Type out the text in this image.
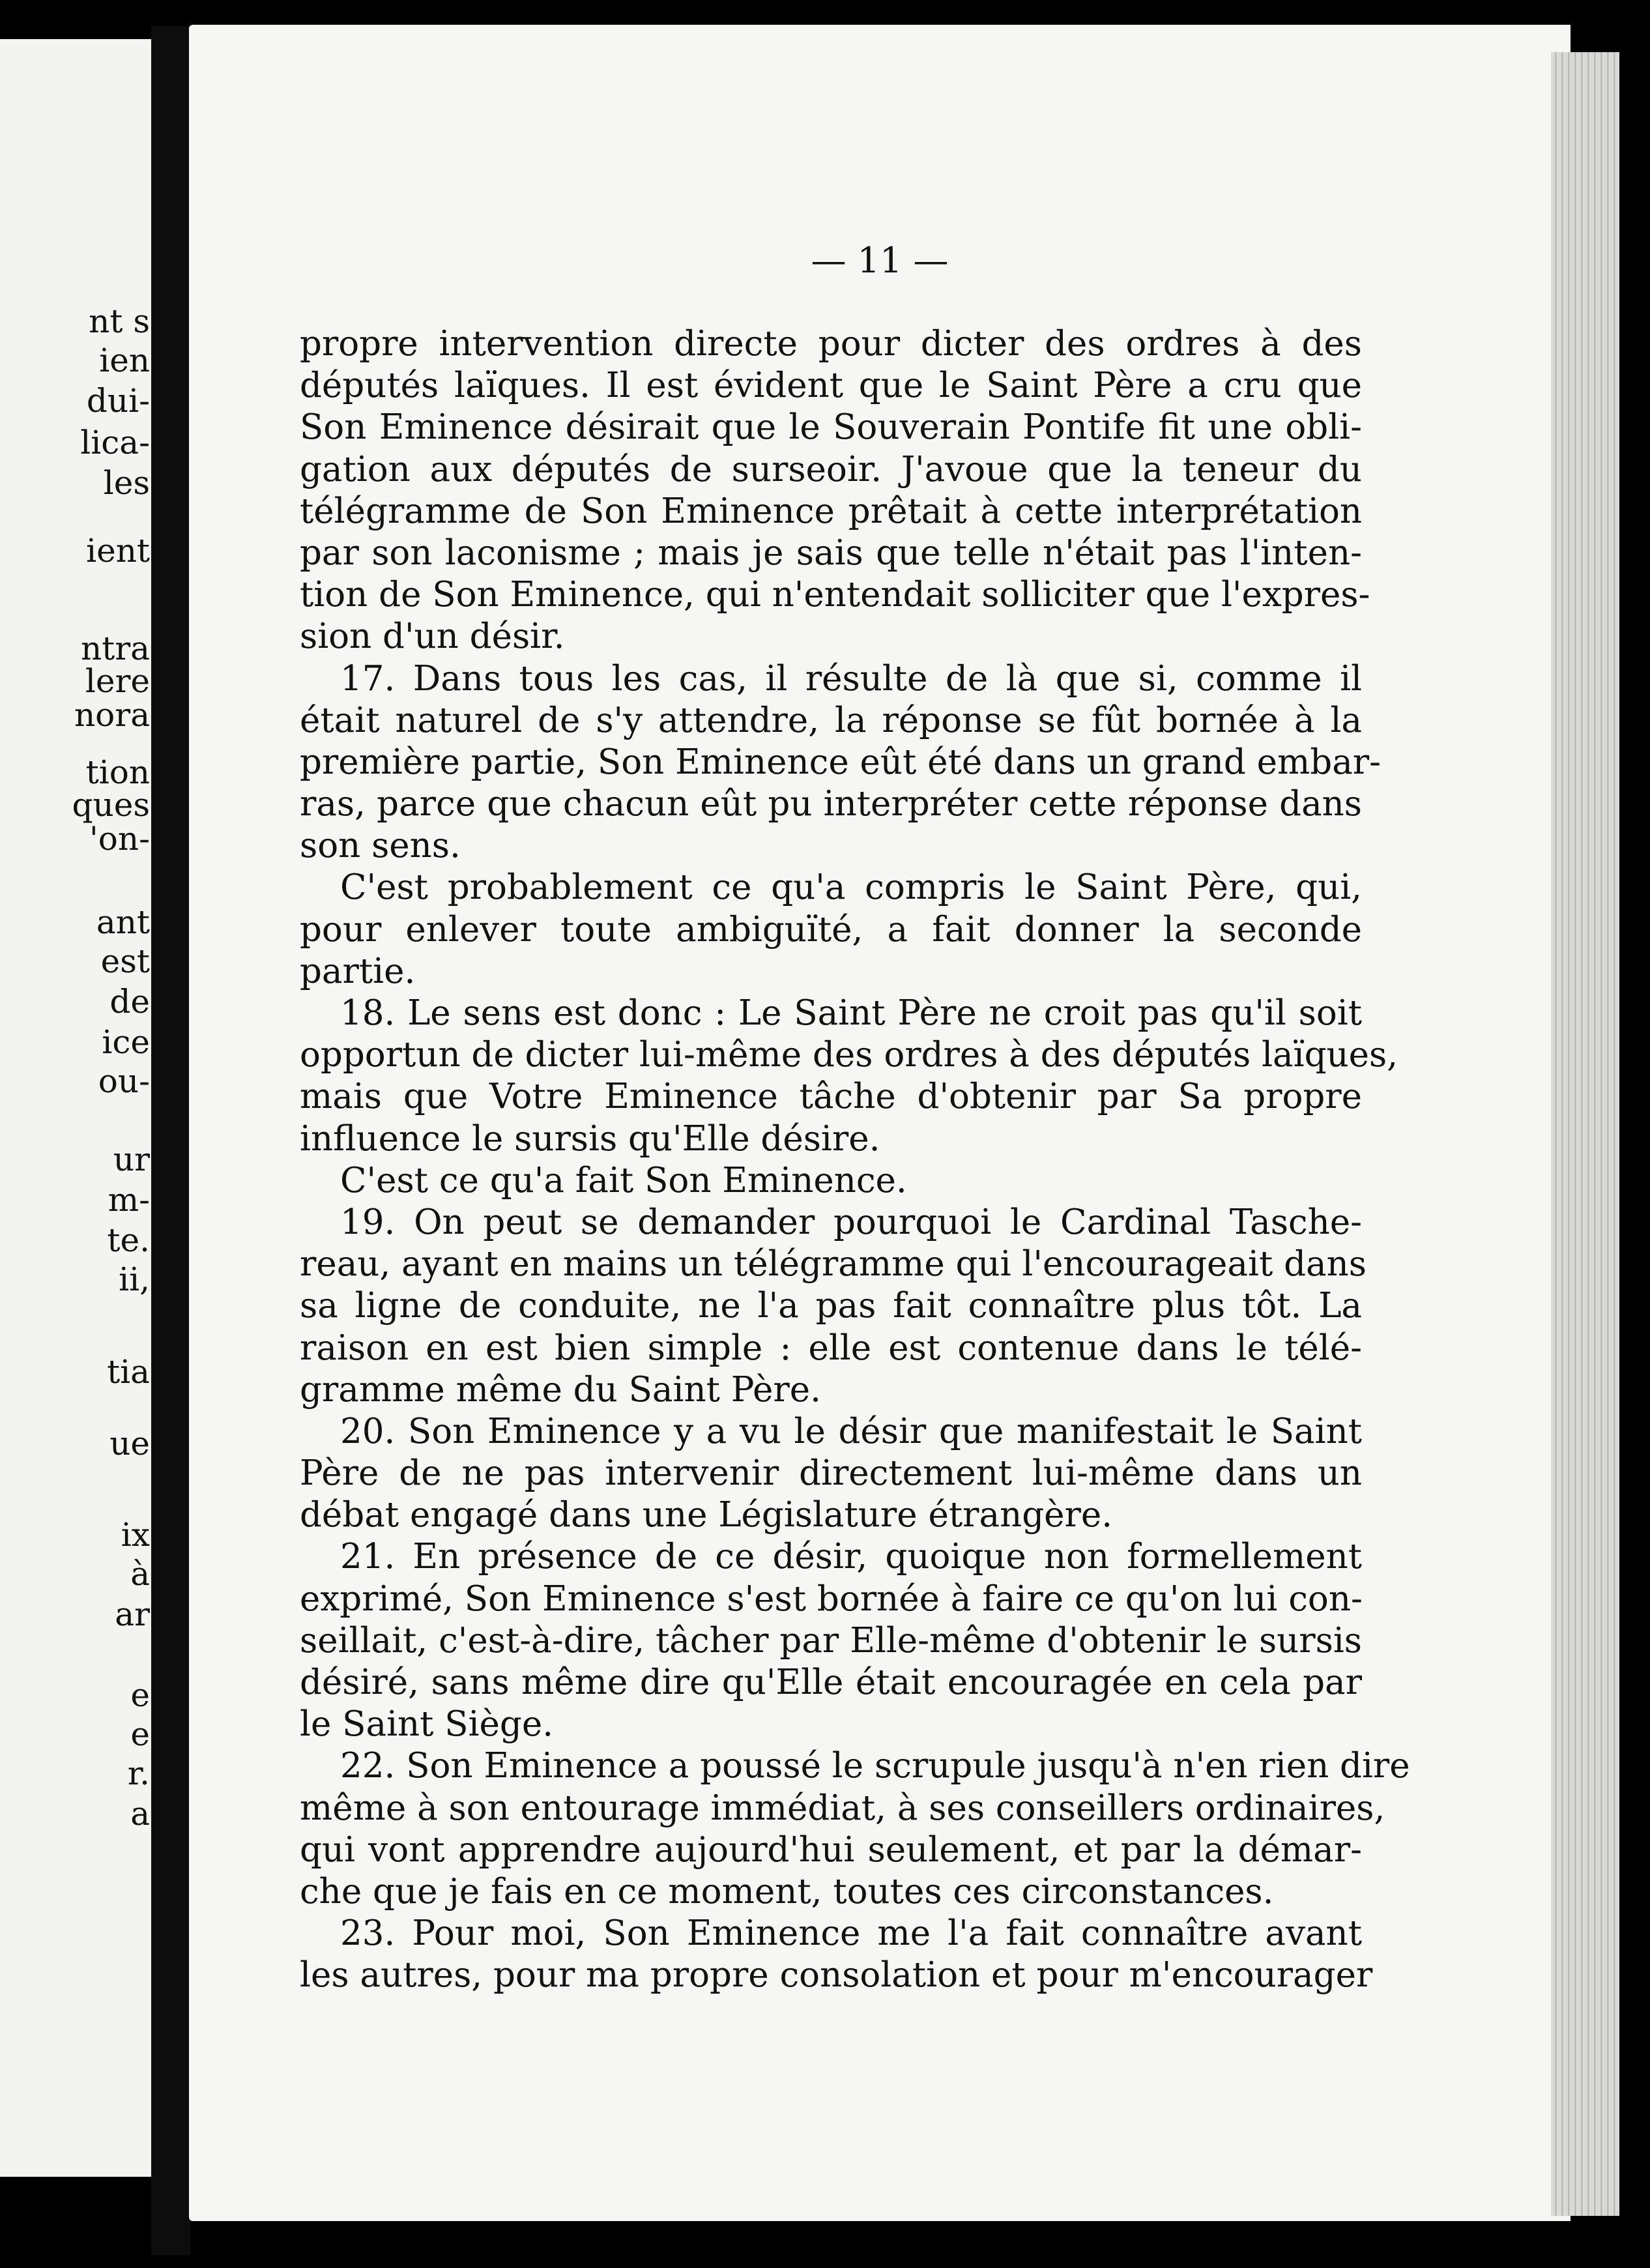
nt s
ien
dui-
lica-
les
ient
ntra
lere
nora
tion
ques
'on-
ant
est
de
ice
ou-
ur
m-
te.
ii,
tia
ue
ix
à
ar
e
e
r.
a
— 11 —
propre intervention directe pour dicter des ordres à des
députés laïques. Il est évident que le Saint Père a cru que
Son Eminence désirait que le Souverain Pontife fit une obli-
gation aux députés de surseoir. J'avoue que la teneur du
télégramme de Son Eminence prêtait à cette interprétation
par son laconisme ; mais je sais que telle n'était pas l'inten-
tion de Son Eminence, qui n'entendait solliciter que l'expres-
sion d'un désir.
17. Dans tous les cas, il résulte de là que si, comme il
était naturel de s'y attendre, la réponse se fût bornée à la
première partie, Son Eminence eût été dans un grand embar-
ras, parce que chacun eût pu interpréter cette réponse dans
son sens.
C'est probablement ce qu'a compris le Saint Père, qui,
pour enlever toute ambiguïté, a fait donner la seconde
partie.
18. Le sens est donc : Le Saint Père ne croit pas qu'il soit
opportun de dicter lui-même des ordres à des députés laïques,
mais que Votre Eminence tâche d'obtenir par Sa propre
influence le sursis qu'Elle désire.
C'est ce qu'a fait Son Eminence.
19. On peut se demander pourquoi le Cardinal Tasche-
reau, ayant en mains un télégramme qui l'encourageait dans
sa ligne de conduite, ne l'a pas fait connaître plus tôt. La
raison en est bien simple : elle est contenue dans le télé-
gramme même du Saint Père.
20. Son Eminence y a vu le désir que manifestait le Saint
Père de ne pas intervenir directement lui-même dans un
débat engagé dans une Législature étrangère.
21. En présence de ce désir, quoique non formellement
exprimé, Son Eminence s'est bornée à faire ce qu'on lui con-
seillait, c'est-à-dire, tâcher par Elle-même d'obtenir le sursis
désiré, sans même dire qu'Elle était encouragée en cela par
le Saint Siège.
22. Son Eminence a poussé le scrupule jusqu'à n'en rien dire
même à son entourage immédiat, à ses conseillers ordinaires,
qui vont apprendre aujourd'hui seulement, et par la démar-
che que je fais en ce moment, toutes ces circonstances.
23. Pour moi, Son Eminence me l'a fait connaître avant
les autres, pour ma propre consolation et pour m'encourager
